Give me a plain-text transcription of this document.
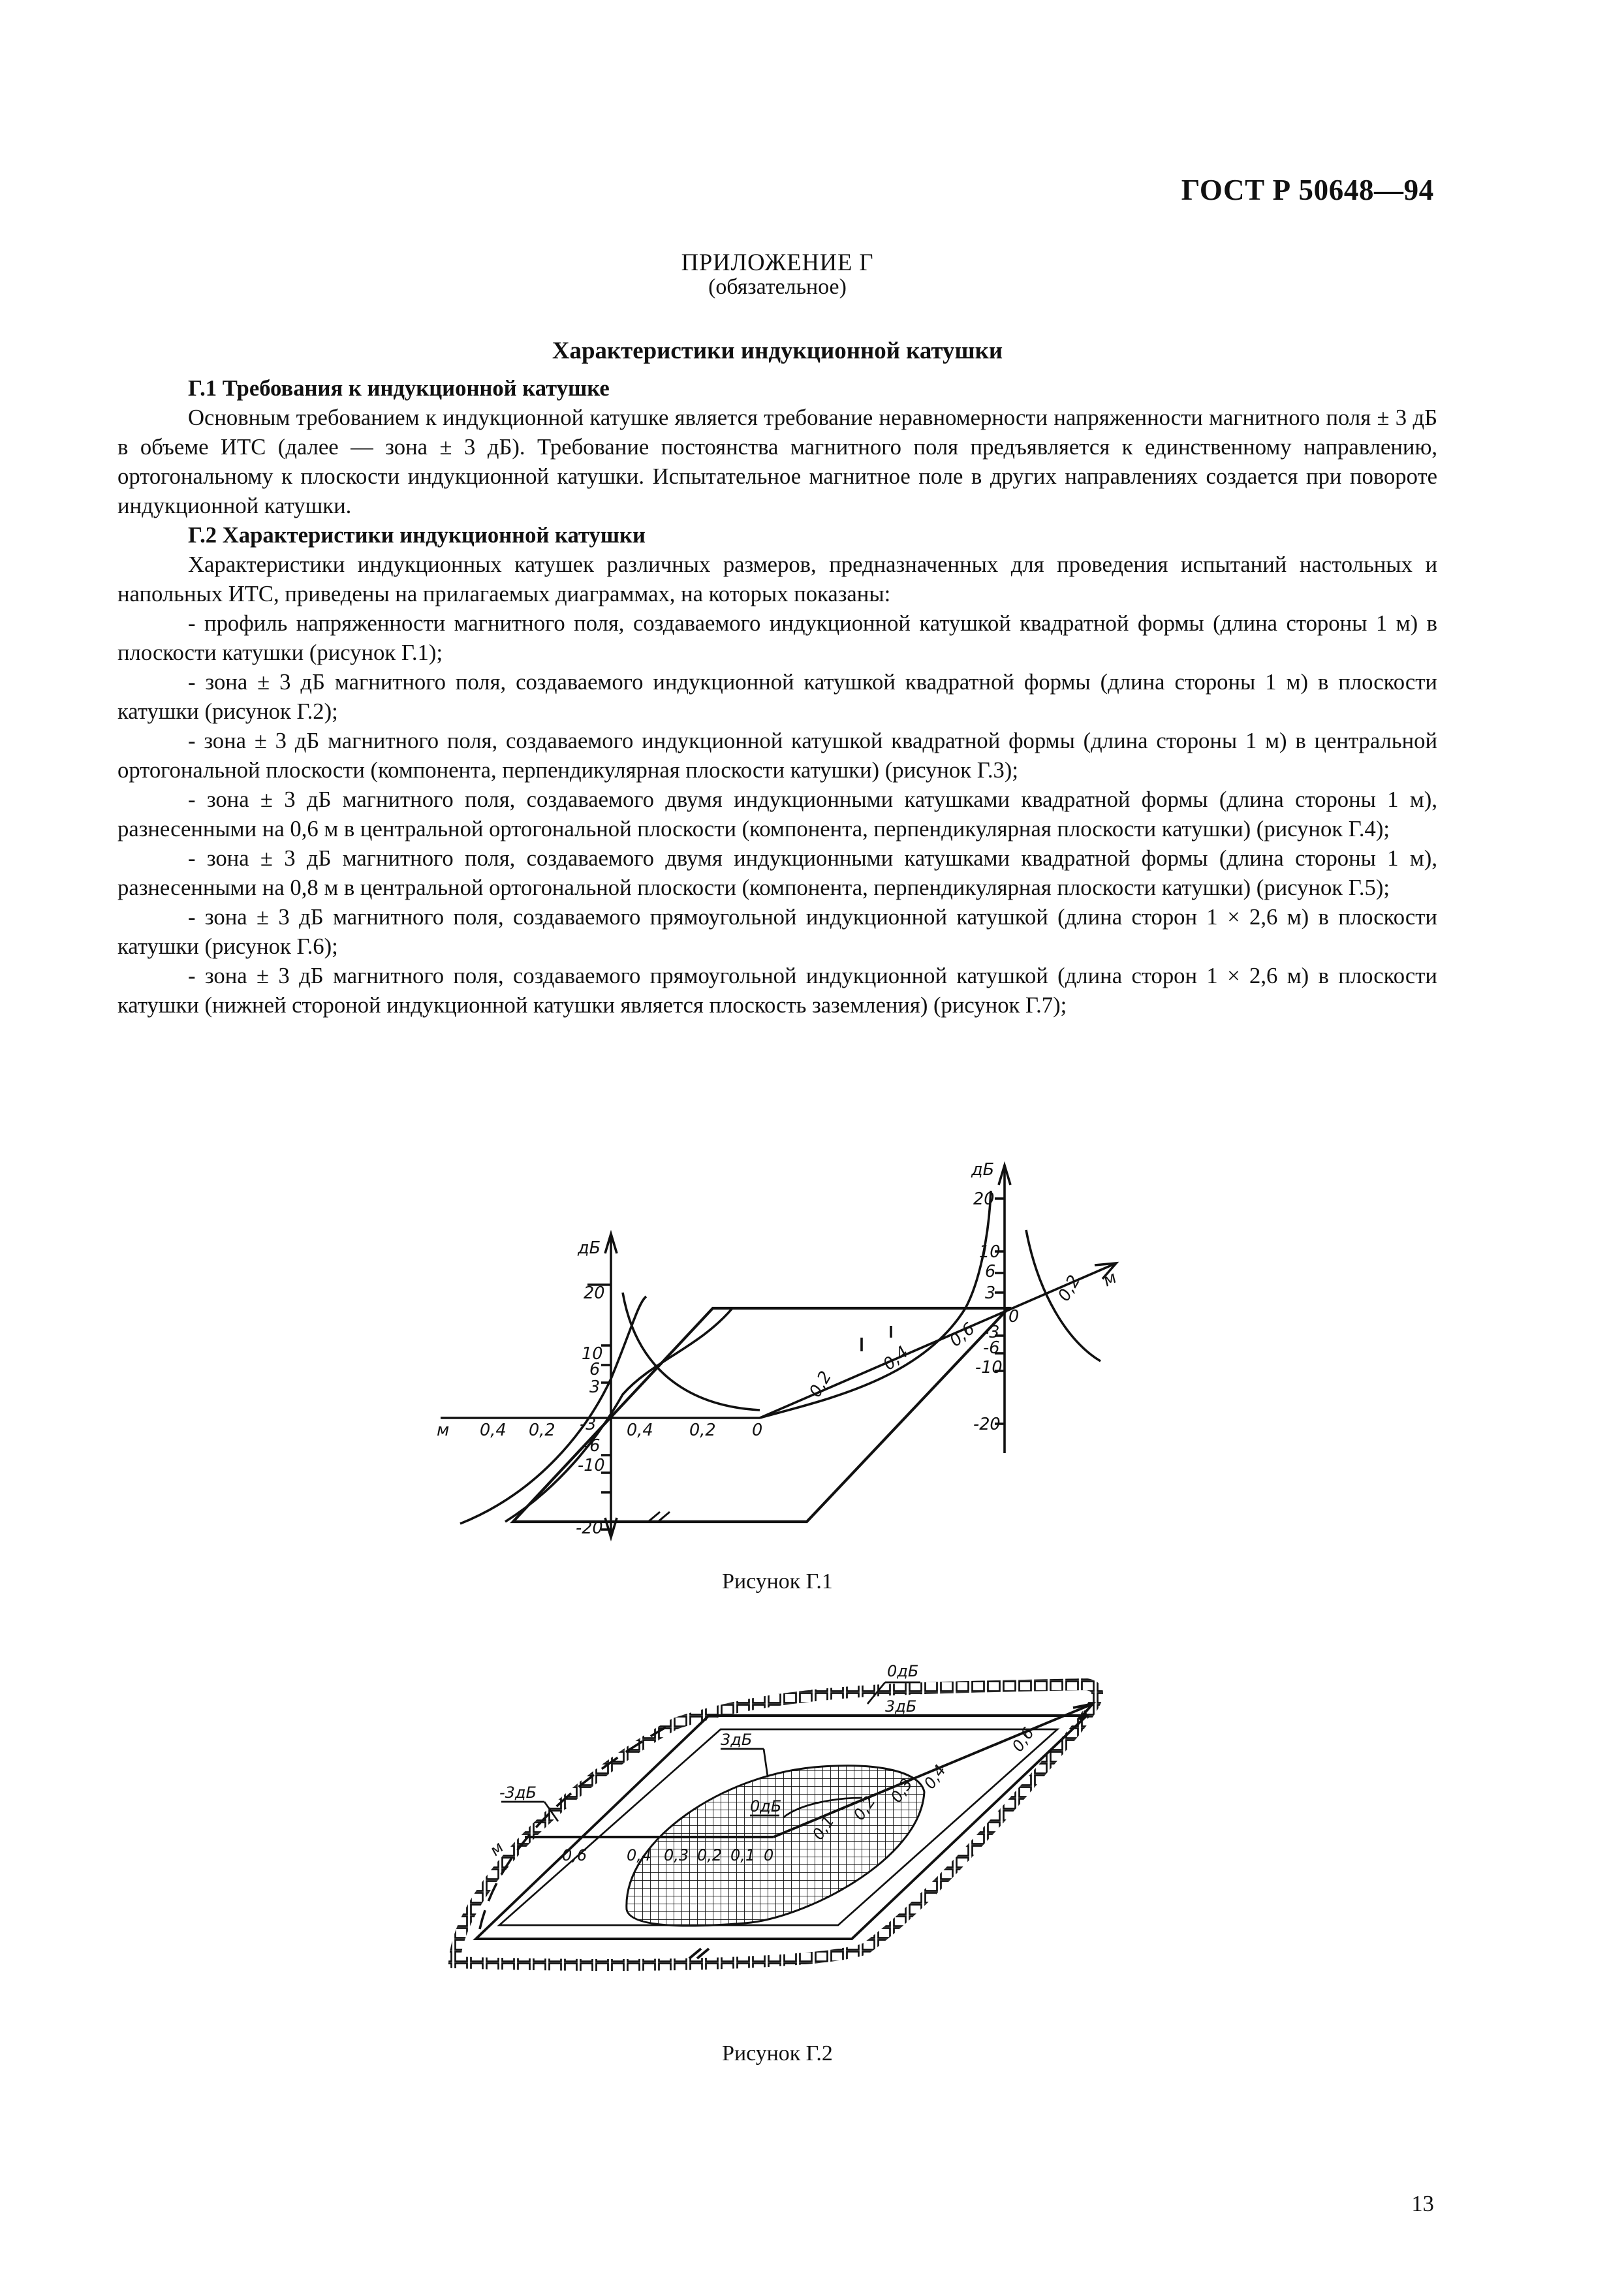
ГОСТ Р 50648—94
ПРИЛОЖЕНИЕ Г
(обязательное)
Характеристики индукционной катушки

Г.1 Требования к индукционной катушке

Основным требованием к индукционной катушке является требование неравномерности напряженности магнитного поля ± 3 дБ в объеме ИТС (далее — зона ± 3 дБ). Требование постоянства магнитного поля предъявляется к единственному направлению, ортогональному к плоскости индукционной катушки. Испытательное магнитное поле в других направлениях создается при повороте индукционной катушки.

Г.2 Характеристики индукционной катушки

Характеристики индукционных катушек различных размеров, предназначенных для проведения испытаний настольных и напольных ИТС, приведены на прилагаемых диаграммах, на которых показаны:

- профиль напряженности магнитного поля, создаваемого индукционной катушкой квадратной формы (длина стороны 1 м) в плоскости катушки (рисунок Г.1);

- зона ± 3 дБ магнитного поля, создаваемого индукционной катушкой квадратной формы (длина стороны 1 м) в плоскости катушки (рисунок Г.2);

- зона ± 3 дБ магнитного поля, создаваемого индукционной катушкой квадратной формы (длина стороны 1 м) в центральной ортогональной плоскости (компонента, перпендикулярная плоскости катушки) (рисунок Г.3);

- зона ± 3 дБ магнитного поля, создаваемого двумя индукционными катушками квадратной формы (длина стороны 1 м), разнесенными на 0,6 м в центральной ортогональной плоскости (компонента, перпендикулярная плоскости катушки) (рисунок Г.4);

- зона ± 3 дБ магнитного поля, создаваемого двумя индукционными катушками квадратной формы (длина стороны 1 м), разнесенными на 0,8 м в центральной ортогональной плоскости (компонента, перпендикулярная плоскости катушки) (рисунок Г.5);

- зона ± 3 дБ магнитного поля, создаваемого прямоугольной индукционной катушкой (длина сторон 1 × 2,6 м) в плоскости катушки (рисунок Г.6);

- зона ± 3 дБ магнитного поля, создаваемого прямоугольной индукционной катушкой (длина сторон 1 × 2,6 м) в плоскости катушки (нижней стороной индукционной катушки является плоскость заземления) (рисунок Г.7);

дБ
20
10
6
3
-3
-6
-10
-20
дБ
20
10
6
3
-3
-6
-10
-20
м	0,4	0,2	0,4	0,2	0
0,2
0,4
0,6
0
0,2	м
Рисунок Г.1
0дБ
3дБ
3дБ
-3дБ
0дБ
м	0,6	0,4 0,3 0,2 0,1 0
0,1
0,2
0,3 0,4
0,6
м
Рисунок Г.2
13
